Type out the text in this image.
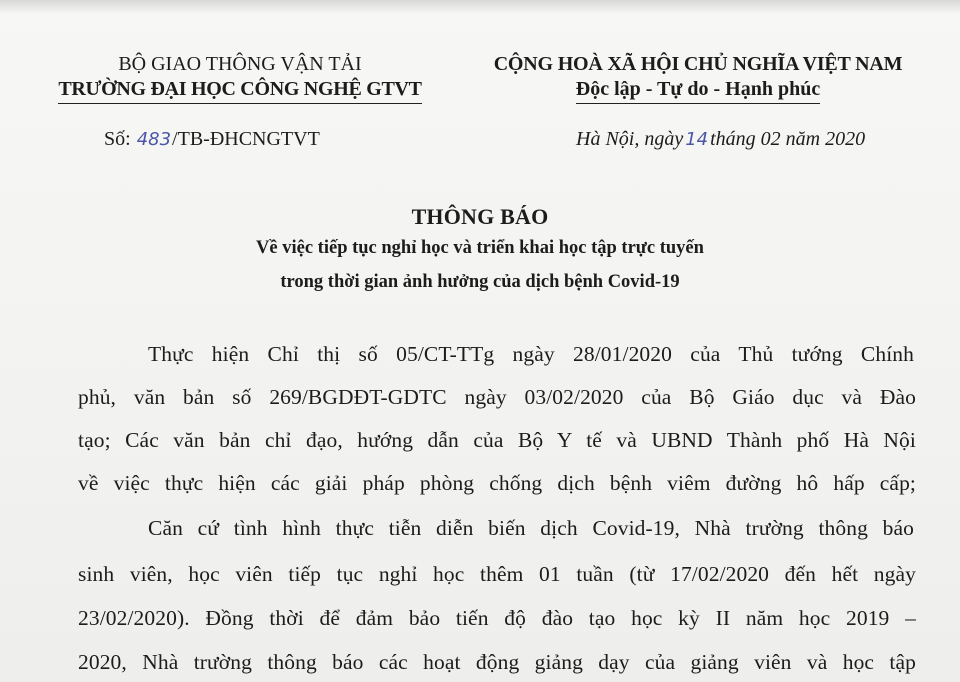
BỘ GIAO THÔNG VẬN TẢI
TRƯỜNG ĐẠI HỌC CÔNG NGHỆ GTVT
CỘNG HOÀ XÃ HỘI CHỦ NGHĨA VIỆT NAM
Độc lập - Tự do - Hạnh phúc
Số: 483/TB-ĐHCNGTVT	Hà Nội, ngày 14 tháng 02 năm 2020
THÔNG BÁO
Về việc tiếp tục nghỉ học và triển khai học tập trực tuyến
trong thời gian ảnh hưởng của dịch bệnh Covid-19
Thực hiện Chỉ thị số 05/CT-TTg ngày 28/01/2020 của Thủ tướng Chính
phủ, văn bản số 269/BGDĐT-GDTC ngày 03/02/2020 của Bộ Giáo dục và Đào
tạo; Các văn bản chỉ đạo, hướng dẫn của Bộ Y tế và UBND Thành phố Hà Nội
về việc thực hiện các giải pháp phòng chống dịch bệnh viêm đường hô hấp cấp;
Căn cứ tình hình thực tiễn diễn biến dịch Covid-19, Nhà trường thông báo
sinh viên, học viên tiếp tục nghỉ học thêm 01 tuần (từ 17/02/2020 đến hết ngày
23/02/2020). Đồng thời để đảm bảo tiến độ đào tạo học kỳ II năm học 2019 –
2020, Nhà trường thông báo các hoạt động giảng dạy của giảng viên và học tập
